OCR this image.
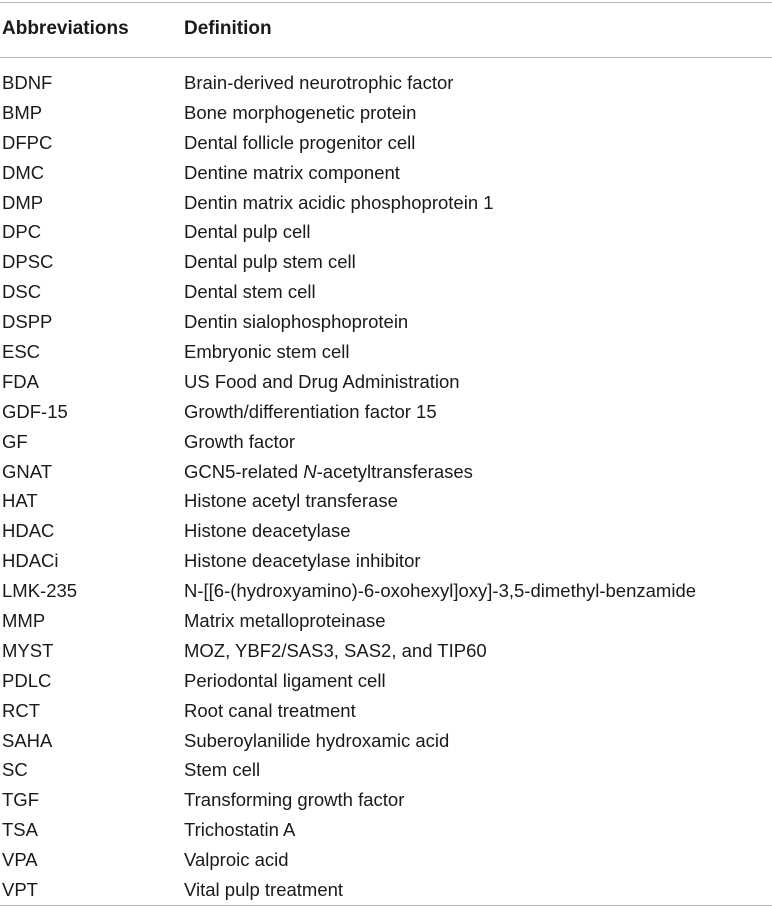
Abbreviations	Definition
BDNF	Brain-derived neurotrophic factor
BMP	Bone morphogenetic protein
DFPC	Dental follicle progenitor cell
DMC	Dentine matrix component
DMP	Dentin matrix acidic phosphoprotein 1
DPC	Dental pulp cell
DPSC	Dental pulp stem cell
DSC	Dental stem cell
DSPP	Dentin sialophosphoprotein
ESC	Embryonic stem cell
FDA	US Food and Drug Administration
GDF-15	Growth/differentiation factor 15
GF	Growth factor
GNAT	GCN5-related N-acetyltransferases
HAT	Histone acetyl transferase
HDAC	Histone deacetylase
HDACi	Histone deacetylase inhibitor
LMK-235	N-[[6-(hydroxyamino)-6-oxohexyl]oxy]-3,5-dimethyl-benzamide
MMP	Matrix metalloproteinase
MYST	MOZ, YBF2/SAS3, SAS2, and TIP60
PDLC	Periodontal ligament cell
RCT	Root canal treatment
SAHA	Suberoylanilide hydroxamic acid
SC	Stem cell
TGF	Transforming growth factor
TSA	Trichostatin A
VPA	Valproic acid
VPT	Vital pulp treatment
